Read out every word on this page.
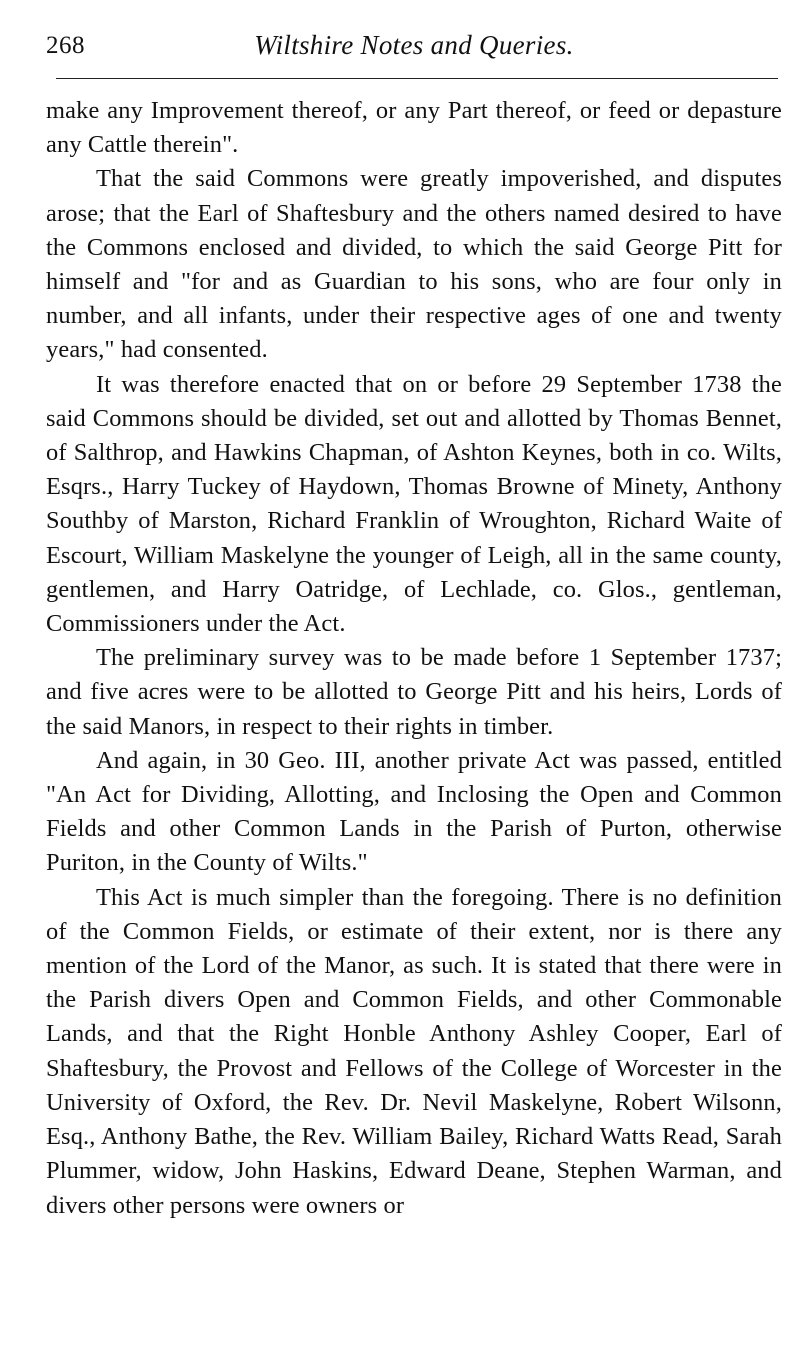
268	Wiltshire Notes and Queries.

make any Improvement thereof, or any Part thereof, or feed or depasture any Cattle therein".

That the said Commons were greatly impoverished, and disputes arose; that the Earl of Shaftesbury and the others named desired to have the Commons enclosed and divided, to which the said George Pitt for himself and "for and as Guardian to his sons, who are four only in number, and all infants, under their respective ages of one and twenty years," had consented.

It was therefore enacted that on or before 29 September 1738 the said Commons should be divided, set out and allotted by Thomas Bennet, of Salthrop, and Hawkins Chapman, of Ashton Keynes, both in co. Wilts, Esqrs., Harry Tuckey of Haydown, Thomas Browne of Minety, Anthony Southby of Marston, Richard Franklin of Wroughton, Richard Waite of Escourt, William Maskelyne the younger of Leigh, all in the same county, gentlemen, and Harry Oatridge, of Lechlade, co. Glos., gentleman, Commissioners under the Act.

The preliminary survey was to be made before 1 September 1737; and five acres were to be allotted to George Pitt and his heirs, Lords of the said Manors, in respect to their rights in timber.

And again, in 30 Geo. III, another private Act was passed, entitled "An Act for Dividing, Allotting, and Inclosing the Open and Common Fields and other Common Lands in the Parish of Purton, otherwise Puriton, in the County of Wilts."

This Act is much simpler than the foregoing. There is no definition of the Common Fields, or estimate of their extent, nor is there any mention of the Lord of the Manor, as such. It is stated that there were in the Parish divers Open and Common Fields, and other Commonable Lands, and that the Right Honble Anthony Ashley Cooper, Earl of Shaftesbury, the Provost and Fellows of the College of Worcester in the University of Oxford, the Rev. Dr. Nevil Maskelyne, Robert Wilsonn, Esq., Anthony Bathe, the Rev. William Bailey, Richard Watts Read, Sarah Plummer, widow, John Haskins, Edward Deane, Stephen Warman, and divers other persons were owners or
